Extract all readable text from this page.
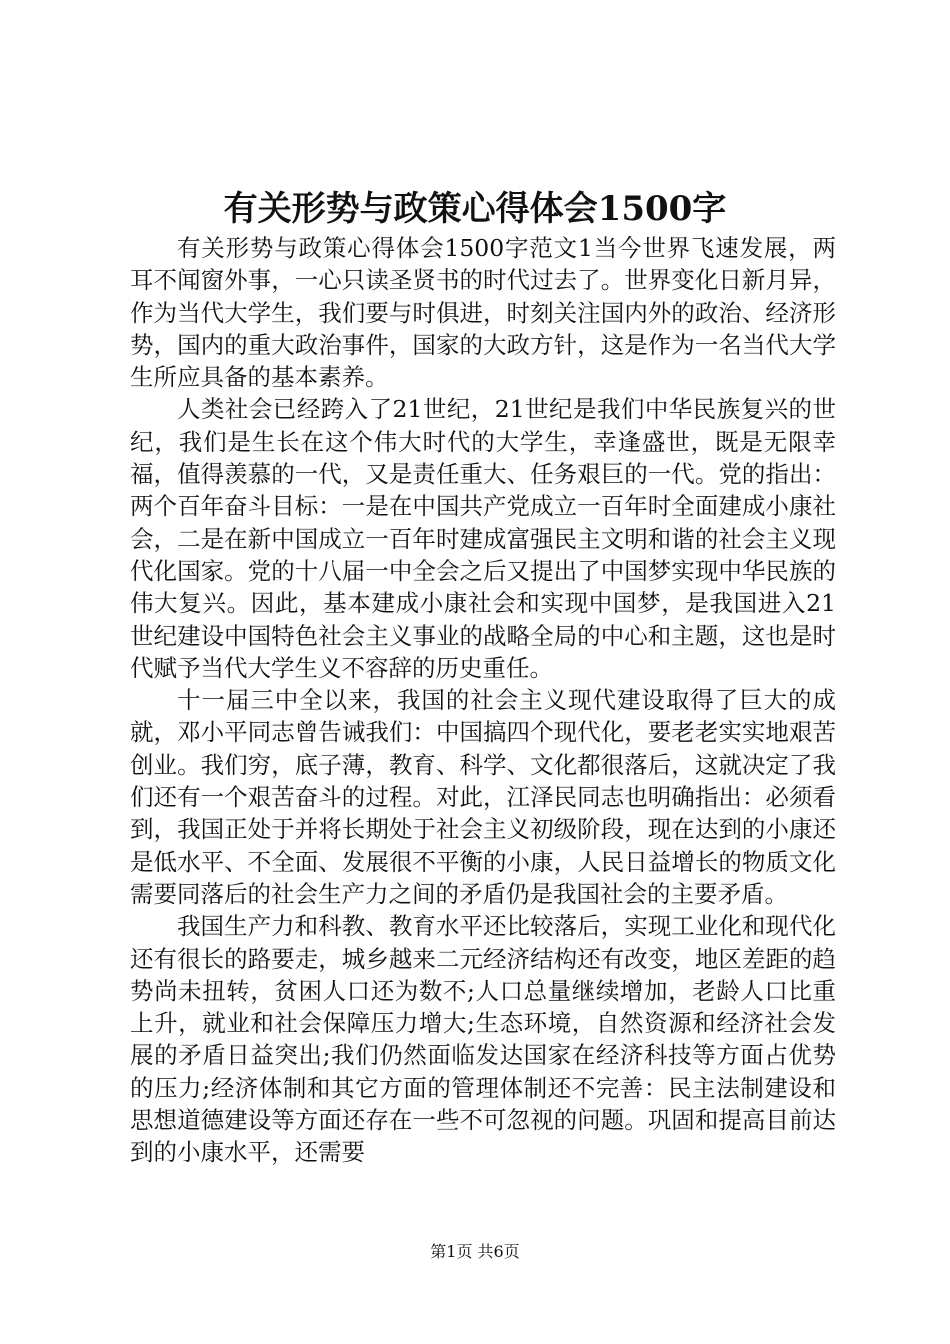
有关形势与政策心得体会1500字

有关形势与政策心得体会1500字范文1当今世界飞速发展，两耳不闻窗外事，一心只读圣贤书的时代过去了。世界变化日新月异，作为当代大学生，我们要与时俱进，时刻关注国内外的政治、经济形势，国内的重大政治事件，国家的大政方针，这是作为一名当代大学生所应具备的基本素养。

人类社会已经跨入了21世纪，21世纪是我们中华民族复兴的世纪，我们是生长在这个伟大时代的大学生，幸逢盛世，既是无限幸福，值得羡慕的一代，又是责任重大、任务艰巨的一代。党的指出：两个百年奋斗目标：一是在中国共产党成立一百年时全面建成小康社会，二是在新中国成立一百年时建成富强民主文明和谐的社会主义现代化国家。党的十八届一中全会之后又提出了中国梦实现中华民族的伟大复兴。因此，基本建成小康社会和实现中国梦，是我国进入21世纪建设中国特色社会主义事业的战略全局的中心和主题，这也是时代赋予当代大学生义不容辞的历史重任。

十一届三中全以来，我国的社会主义现代建设取得了巨大的成就，邓小平同志曾告诫我们：中国搞四个现代化，要老老实实地艰苦创业。我们穷，底子薄，教育、科学、文化都很落后，这就决定了我们还有一个艰苦奋斗的过程。对此，江泽民同志也明确指出：必须看到，我国正处于并将长期处于社会主义初级阶段，现在达到的小康还是低水平、不全面、发展很不平衡的小康，人民日益增长的物质文化需要同落后的社会生产力之间的矛盾仍是我国社会的主要矛盾。

我国生产力和科教、教育水平还比较落后，实现工业化和现代化还有很长的路要走，城乡越来二元经济结构还有改变，地区差距的趋势尚未扭转，贫困人口还为数不;人口总量继续增加，老龄人口比重上升，就业和社会保障压力增大;生态环境，自然资源和经济社会发展的矛盾日益突出;我们仍然面临发达国家在经济科技等方面占优势的压力;经济体制和其它方面的管理体制还不完善：民主法制建设和思想道德建设等方面还存在一些不可忽视的问题。巩固和提高目前达到的小康水平，还需要

第1页 共6页
